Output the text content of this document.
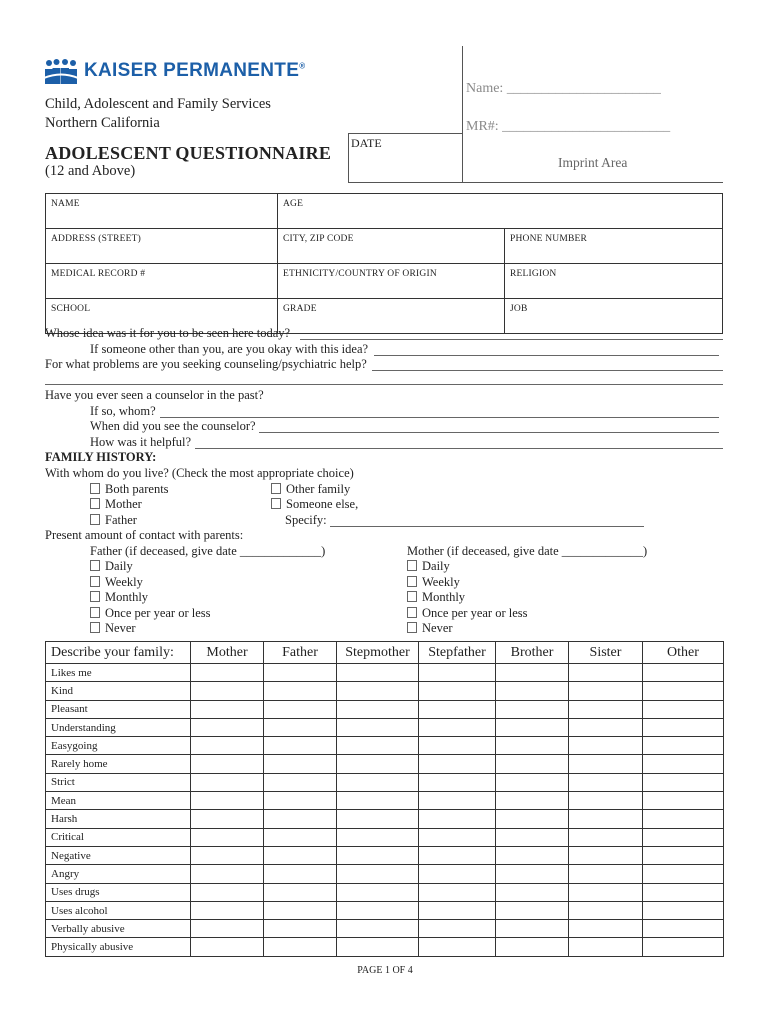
KAISER PERMANENTE®
Child, Adolescent and Family Services
Northern California
ADOLESCENT QUESTIONNAIRE
(12 and Above)
DATE
Name: ______________________
MR#: ________________________
Imprint Area
NAME	AGE	
ADDRESS (STREET)	CITY, ZIP CODE	PHONE NUMBER
MEDICAL RECORD #	ETHNICITY/COUNTRY OF ORIGIN	RELIGION
SCHOOL	GRADE	JOB
Whose idea was it for you to be seen here today?
If someone other than you, are you okay with this idea?
For what problems are you seeking counseling/psychiatric help?
Have you ever seen a counselor in the past?
If so, whom?
When did you see the counselor?
How was it helpful?
FAMILY HISTORY:
With whom do you live? (Check the most appropriate choice)
Both parents
Mother
Father
Other family
Someone else,
Specify:
Present amount of contact with parents:
Father (if deceased, give date _____________)	Mother (if deceased, give date _____________)
Daily
Weekly
Monthly
Once per year or less
Never
Daily
Weekly
Monthly
Once per year or less
Never
Describe your family:	Mother	Father	Stepmother	Stepfather	Brother	Sister	Other
Likes me							
Kind							
Pleasant							
Understanding							
Easygoing							
Rarely home							
Strict							
Mean							
Harsh							
Critical							
Negative							
Angry							
Uses drugs							
Uses alcohol							
Verbally abusive							
Physically abusive							
PAGE 1 OF 4
